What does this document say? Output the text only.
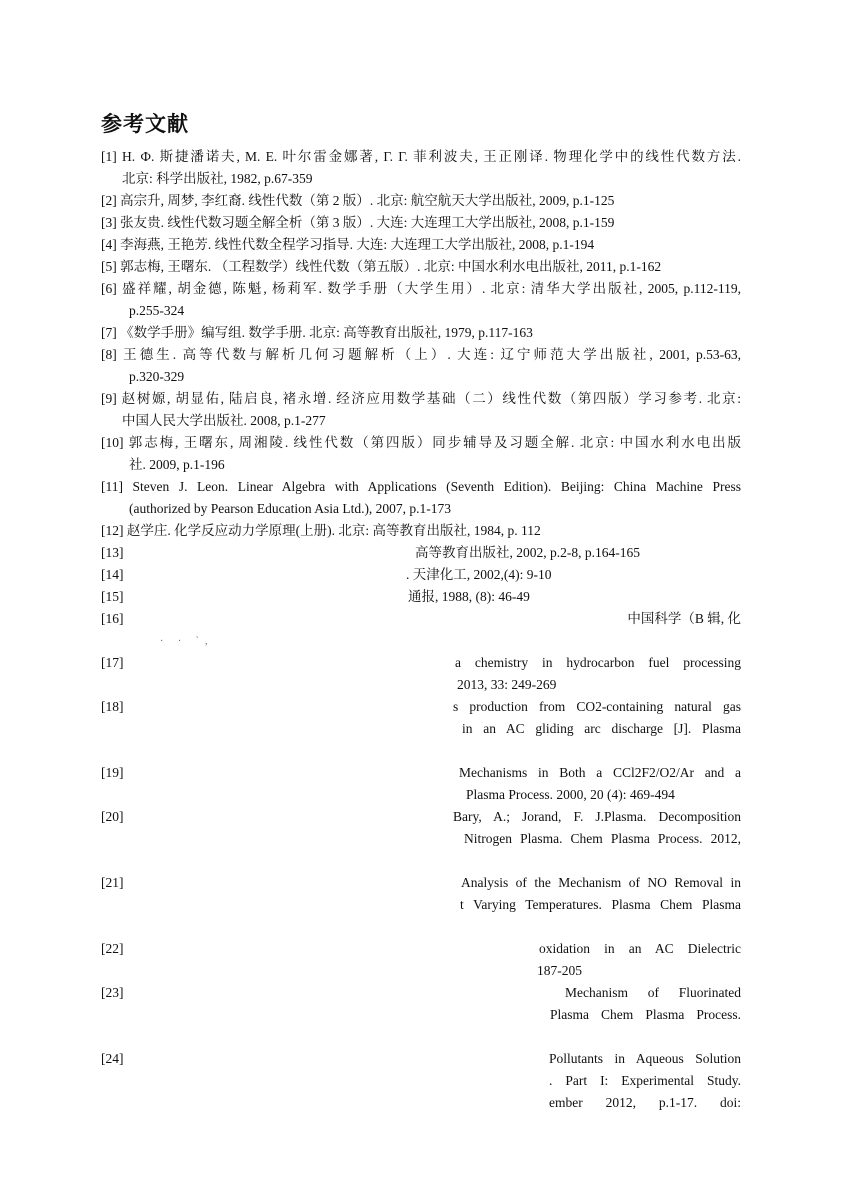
参考文献
[1] Н. Ф. 斯捷潘诺夫, М. Е. 叶尔雷金娜著, Г. Г. 菲利波夫, 王正刚译. 物理化学中的线性代数方法.
北京: 科学出版社, 1982, p.67-359
[2] 高宗升, 周梦, 李红裔. 线性代数（第 2 版）. 北京: 航空航天大学出版社, 2009, p.1-125
[3] 张友贵. 线性代数习题全解全析（第 3 版）. 大连: 大连理工大学出版社, 2008, p.1-159
[4] 李海燕, 王艳芳. 线性代数全程学习指导. 大连: 大连理工大学出版社, 2008, p.1-194
[5] 郭志梅, 王曙东. （工程数学）线性代数（第五版）. 北京: 中国水利水电出版社, 2011, p.1-162
[6] 盛祥耀, 胡金德, 陈魁, 杨莉军. 数学手册（大学生用）. 北京: 清华大学出版社, 2005, p.112-119,
p.255-324
[7] 《数学手册》编写组. 数学手册. 北京: 高等教育出版社, 1979, p.117-163
[8] 王德生. 高等代数与解析几何习题解析（上）. 大连: 辽宁师范大学出版社, 2001, p.53-63,
p.320-329
[9] 赵树嫄, 胡显佑, 陆启良, 褚永增. 经济应用数学基础（二）线性代数（第四版）学习参考. 北京:
中国人民大学出版社. 2008, p.1-277
[10] 郭志梅, 王曙东, 周湘陵. 线性代数（第四版）同步辅导及习题全解. 北京: 中国水利水电出版
社. 2009, p.1-196
[11] Steven J. Leon. Linear Algebra with Applications (Seventh Edition). Beijing: China Machine Press
(authorized by Pearson Education Asia Ltd.), 2007, p.1-173
[12] 赵学庄. 化学反应动力学原理(上册). 北京: 高等教育出版社, 1984, p. 112
[13]	高等教育出版社, 2002, p.2-8, p.164-165
[14]	. 天津化工, 2002,(4): 9-10
[15]	通报, 1988, (8): 46-49
[16]	中国科学（B 辑, 化
· · `,
[17]	a chemistry in hydrocarbon fuel processing
2013, 33: 249-269
[18]	s production from CO2-containing natural gas
in an AC gliding arc discharge [J]. Plasma
[19]	Mechanisms in Both a CCl2F2/O2/Ar and a
Plasma Process. 2000, 20 (4): 469-494
[20]	Bary, A.; Jorand, F. J.Plasma. Decomposition
Nitrogen Plasma. Chem Plasma Process. 2012,
[21]	Analysis of the Mechanism of NO Removal in
t Varying Temperatures. Plasma Chem Plasma
[22]	oxidation in an AC Dielectric
187-205
[23]	Mechanism of Fluorinated
Plasma Chem Plasma Process.
[24]	Pollutants in Aqueous Solution
. Part I: Experimental Study.
ember 2012, p.1-17. doi:
